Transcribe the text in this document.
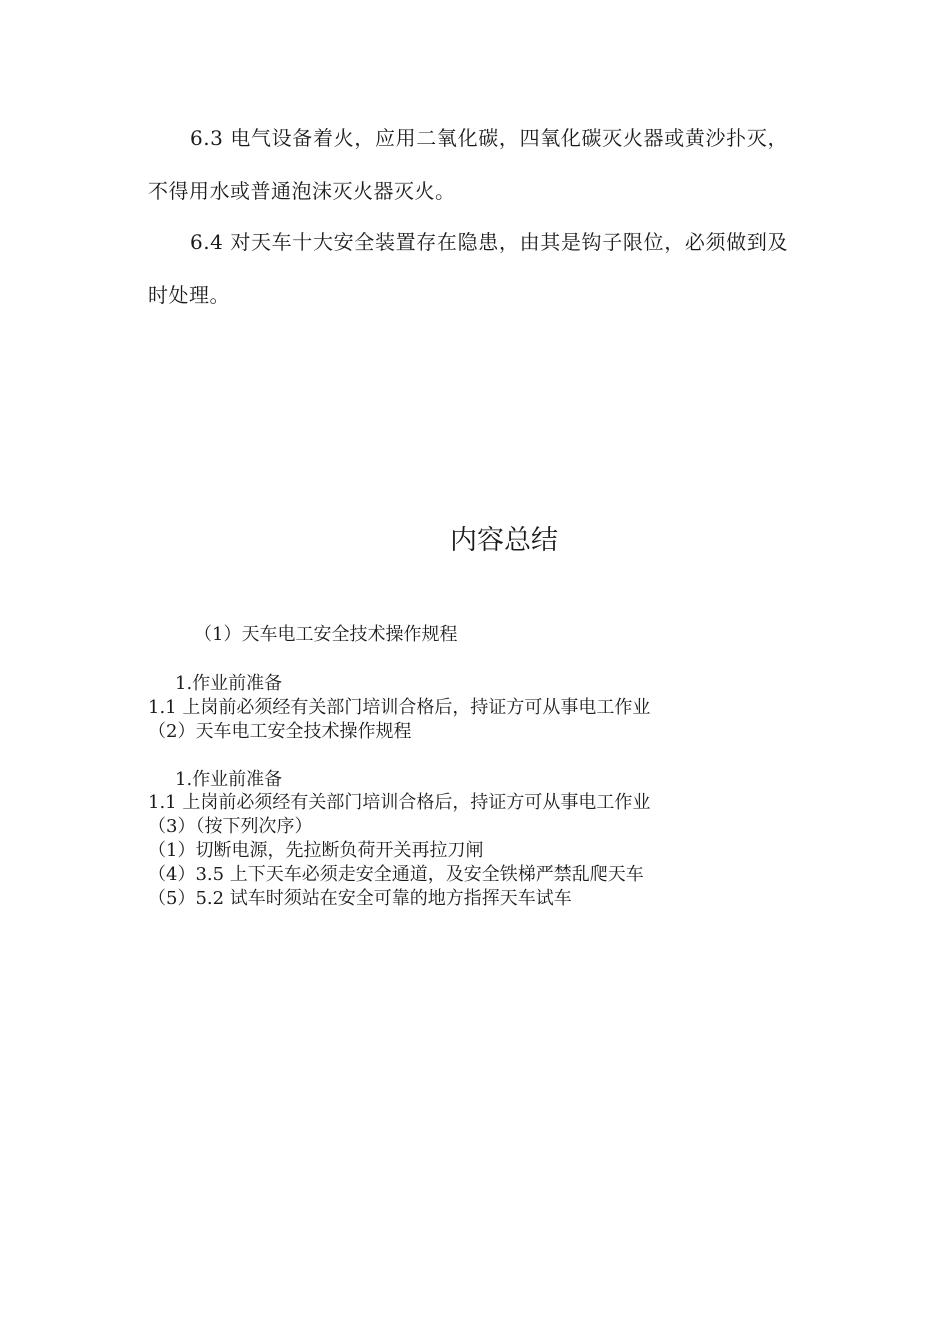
6.3 电气设备着火，应用二氧化碳，四氧化碳灭火器或黄沙扑灭，不得用水或普通泡沫灭火器灭火。

6.4 对天车十大安全装置存在隐患，由其是钩子限位，必须做到及时处理。

内容总结

（1）天车电工安全技术操作规程

1.作业前准备

1.1 上岗前必须经有关部门培训合格后，持证方可从事电工作业

（2）天车电工安全技术操作规程

1.作业前准备

1.1 上岗前必须经有关部门培训合格后，持证方可从事电工作业

（3）（按下列次序）

（1）切断电源，先拉断负荷开关再拉刀闸

（4）3.5 上下天车必须走安全通道，及安全铁梯严禁乱爬天车

（5）5.2 试车时须站在安全可靠的地方指挥天车试车
